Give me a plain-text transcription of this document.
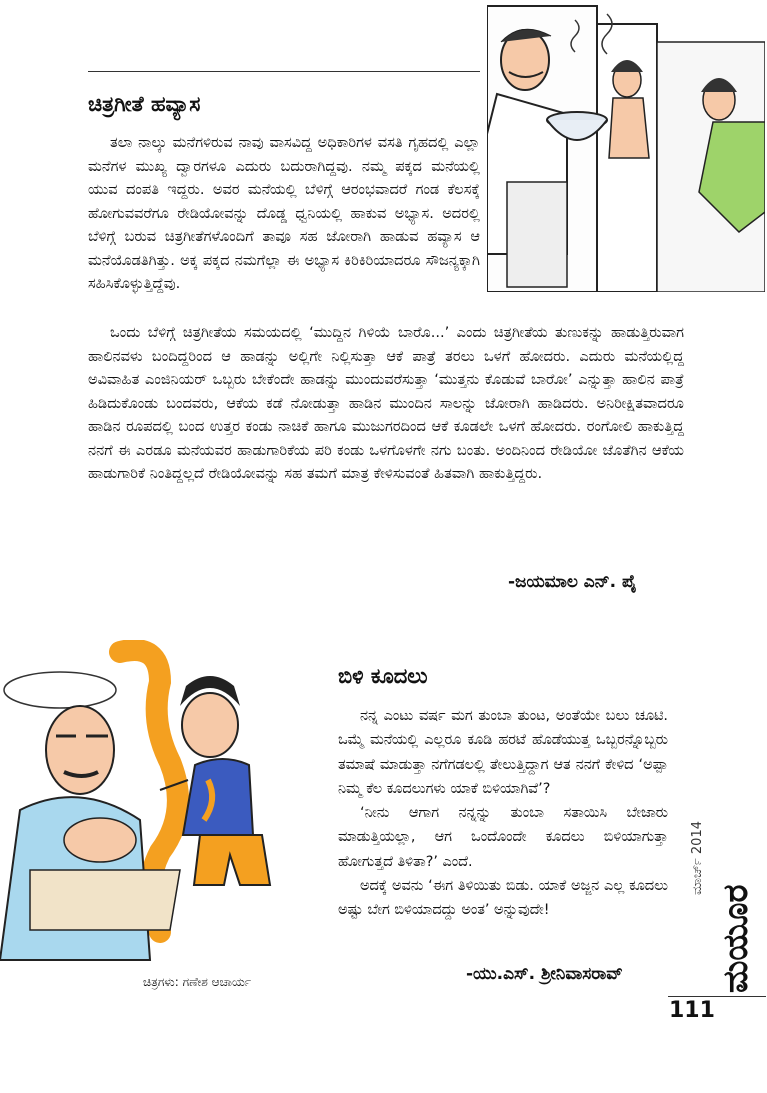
ಚಿತ್ರಗೀತೆ ಹವ್ಯಾಸ

ತಲಾ ನಾಲ್ಕು ಮನೆಗಳಿರುವ ನಾವು ವಾಸವಿದ್ದ ಅಧಿಕಾರಿಗಳ ವಸತಿ ಗೃಹದಲ್ಲಿ ಎಲ್ಲಾ ಮನೆಗಳ ಮುಖ್ಯ ದ್ವಾರಗಳೂ ಎದುರು ಬದುರಾಗಿದ್ದವು. ನಮ್ಮ ಪಕ್ಕದ ಮನೆಯಲ್ಲಿ ಯುವ ದಂಪತಿ ಇದ್ದರು. ಅವರ ಮನೆಯಲ್ಲಿ ಬೆಳಿಗ್ಗೆ ಆರಂಭವಾದರೆ ಗಂಡ ಕೆಲಸಕ್ಕೆ ಹೋಗುವವರೆಗೂ ರೇಡಿಯೋವನ್ನು ದೊಡ್ಡ ಧ್ವನಿಯಲ್ಲಿ ಹಾಕುವ ಅಭ್ಯಾಸ. ಅದರಲ್ಲಿ ಬೆಳಿಗ್ಗೆ ಬರುವ ಚಿತ್ರಗೀತೆಗಳೊಂದಿಗೆ ತಾವೂ ಸಹ ಜೋರಾಗಿ ಹಾಡುವ ಹವ್ಯಾಸ ಆ ಮನೆಯೊಡತಿಗಿತ್ತು. ಅಕ್ಕ ಪಕ್ಕದ ನಮಗೆಲ್ಲಾ ಈ ಅಭ್ಯಾಸ ಕಿರಿಕಿರಿಯಾದರೂ ಸೌಜನ್ಯಕ್ಕಾಗಿ ಸಹಿಸಿಕೊಳ್ಳುತ್ತಿದ್ದೆವು.

ಒಂದು ಬೆಳಿಗ್ಗೆ ಚಿತ್ರಗೀತೆಯ ಸಮಯದಲ್ಲಿ ‘ಮುದ್ದಿನ ಗಿಳಿಯೆ ಬಾರೊ...’ ಎಂದು ಚಿತ್ರಗೀತೆಯ ತುಣುಕನ್ನು ಹಾಡುತ್ತಿರುವಾಗ ಹಾಲಿನವಳು ಬಂದಿದ್ದರಿಂದ ಆ ಹಾಡನ್ನು ಅಲ್ಲಿಗೇ ನಿಲ್ಲಿಸುತ್ತಾ ಆಕೆ ಪಾತ್ರೆ ತರಲು ಒಳಗೆ ಹೋದರು. ಎದುರು ಮನೆಯಲ್ಲಿದ್ದ ಅವಿವಾಹಿತ ಎಂಜಿನಿಯರ್ ಒಬ್ಬರು ಬೇಕೆಂದೇ ಹಾಡನ್ನು ಮುಂದುವರೆಸುತ್ತಾ ‘ಮುತ್ತನು ಕೊಡುವೆ ಬಾರೋ’ ಎನ್ನುತ್ತಾ ಹಾಲಿನ ಪಾತ್ರೆ ಹಿಡಿದುಕೊಂಡು ಬಂದವರು, ಆಕೆಯ ಕಡೆ ನೋಡುತ್ತಾ ಹಾಡಿನ ಮುಂದಿನ ಸಾಲನ್ನು ಜೋರಾಗಿ ಹಾಡಿದರು. ಅನಿರೀಕ್ಷಿತವಾದರೂ ಹಾಡಿನ ರೂಪದಲ್ಲಿ ಬಂದ ಉತ್ತರ ಕಂಡು ನಾಚಿಕೆ ಹಾಗೂ ಮುಜುಗರದಿಂದ ಆಕೆ ಕೂಡಲೇ ಒಳಗೆ ಹೋದರು. ರಂಗೋಲಿ ಹಾಕುತ್ತಿದ್ದ ನನಗೆ ಈ ಎರಡೂ ಮನೆಯವರ ಹಾಡುಗಾರಿಕೆಯ ಪರಿ ಕಂಡು ಒಳಗೊಳಗೇ ನಗು ಬಂತು. ಅಂದಿನಿಂದ ರೇಡಿಯೋ ಜೊತೆಗಿನ ಆಕೆಯ ಹಾಡುಗಾರಿಕೆ ನಿಂತಿದ್ದಲ್ಲದೆ ರೇಡಿಯೋವನ್ನು ಸಹ ತಮಗೆ ಮಾತ್ರ ಕೇಳಿಸುವಂತೆ ಹಿತವಾಗಿ ಹಾಕುತ್ತಿದ್ದರು.

-ಜಯಮಾಲ ಎನ್. ಪೈ
ಚಿತ್ರಗಳು: ಗಣೇಶ ಆಚಾರ್ಯ
ಬಿಳಿ ಕೂದಲು

ನನ್ನ ಎಂಟು ವರ್ಷ ಮಗ ತುಂಬಾ ತುಂಟ, ಅಂತೆಯೇ ಬಲು ಚೂಟಿ. ಒಮ್ಮೆ ಮನೆಯಲ್ಲಿ ಎಲ್ಲರೂ ಕೂಡಿ ಹರಟೆ ಹೊಡೆಯುತ್ತ ಒಬ್ಬರನ್ನೊಬ್ಬರು ತಮಾಷೆ ಮಾಡುತ್ತಾ ನಗೆಗಡಲಲ್ಲಿ ತೇಲುತ್ತಿದ್ದಾಗ ಆತ ನನಗೆ ಕೇಳಿದ ‘ಅಪ್ಪಾ ನಿಮ್ಮ ಕೆಲ ಕೂದಲುಗಳು ಯಾಕೆ ಬಿಳಿಯಾಗಿವೆ’?

‘ನೀನು ಆಗಾಗ ನನ್ನನ್ನು ತುಂಬಾ ಸತಾಯಿಸಿ ಬೇಜಾರು ಮಾಡುತ್ತಿಯಲ್ಲಾ, ಆಗ ಒಂದೊಂದೇ ಕೂದಲು ಬಿಳಿಯಾಗುತ್ತಾ ಹೋಗುತ್ತದೆ ತಿಳಿತಾ?’ ಎಂದೆ.

ಅದಕ್ಕೆ ಅವನು ‘ಈಗ ತಿಳಿಯಿತು ಬಿಡು. ಯಾಕೆ ಅಜ್ಜನ ಎಲ್ಲ ಕೂದಲು ಅಷ್ಟು ಬೇಗ ಬಿಳಿಯಾದದ್ದು ಅಂತ’ ಅನ್ನುವುದೇ!

-ಯು.ಎಸ್. ಶ್ರೀನಿವಾಸರಾವ್	ಮಯೂರ
ಮಾರ್ಚ್ 2014
111
